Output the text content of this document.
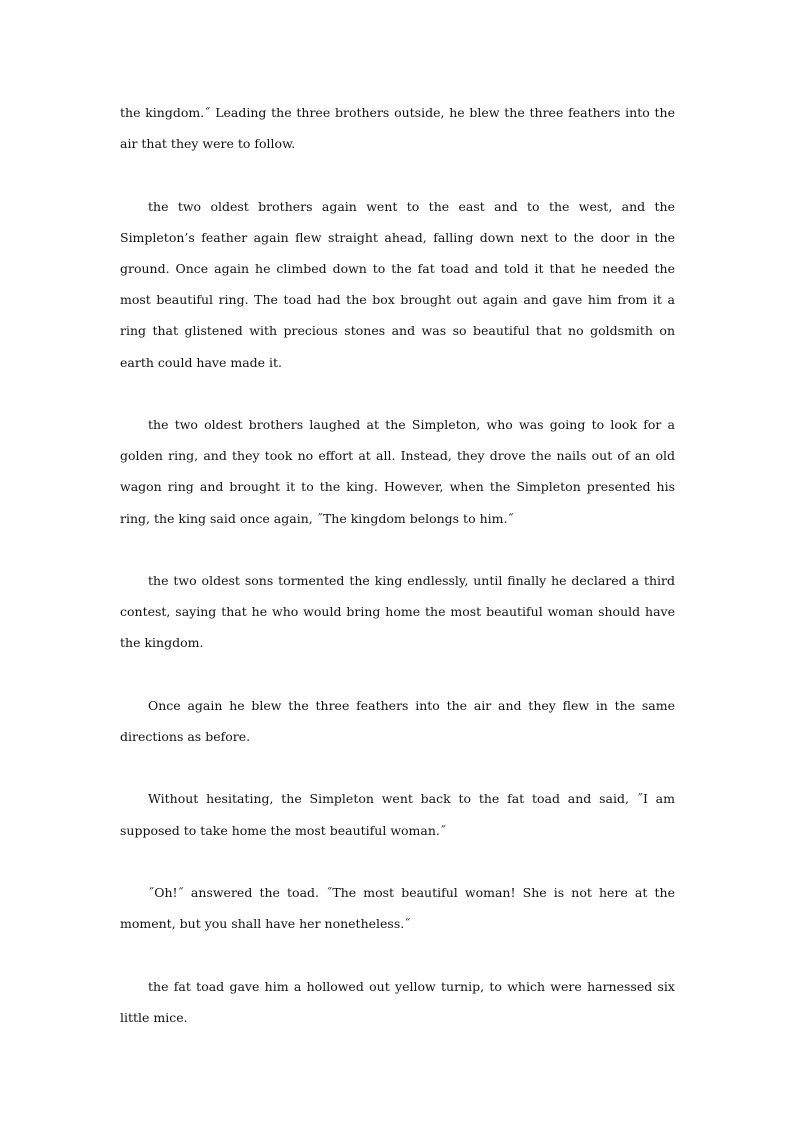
the kingdom.˝ Leading the three brothers outside, he blew the three feathers into the air that they were to follow.

the two oldest brothers again went to the east and to the west, and the Simpleton’s feather again flew straight ahead, falling down next to the door in the ground. Once again he climbed down to the fat toad and told it that he needed the most beautiful ring. The toad had the box brought out again and gave him from it a ring that glistened with precious stones and was so beautiful that no goldsmith on earth could have made it.

the two oldest brothers laughed at the Simpleton, who was going to look for a golden ring, and they took no effort at all. Instead, they drove the nails out of an old wagon ring and brought it to the king. However, when the Simpleton presented his ring, the king said once again, ˝The kingdom belongs to him.˝

the two oldest sons tormented the king endlessly, until finally he declared a third contest, saying that he who would bring home the most beautiful woman should have the kingdom.

Once again he blew the three feathers into the air and they flew in the same directions as before.

Without hesitating, the Simpleton went back to the fat toad and said, ˝I am supposed to take home the most beautiful woman.˝

˝Oh!˝ answered the toad. ˝The most beautiful woman! She is not here at the moment, but you shall have her nonetheless.˝

the fat toad gave him a hollowed out yellow turnip, to which were harnessed six little mice.
